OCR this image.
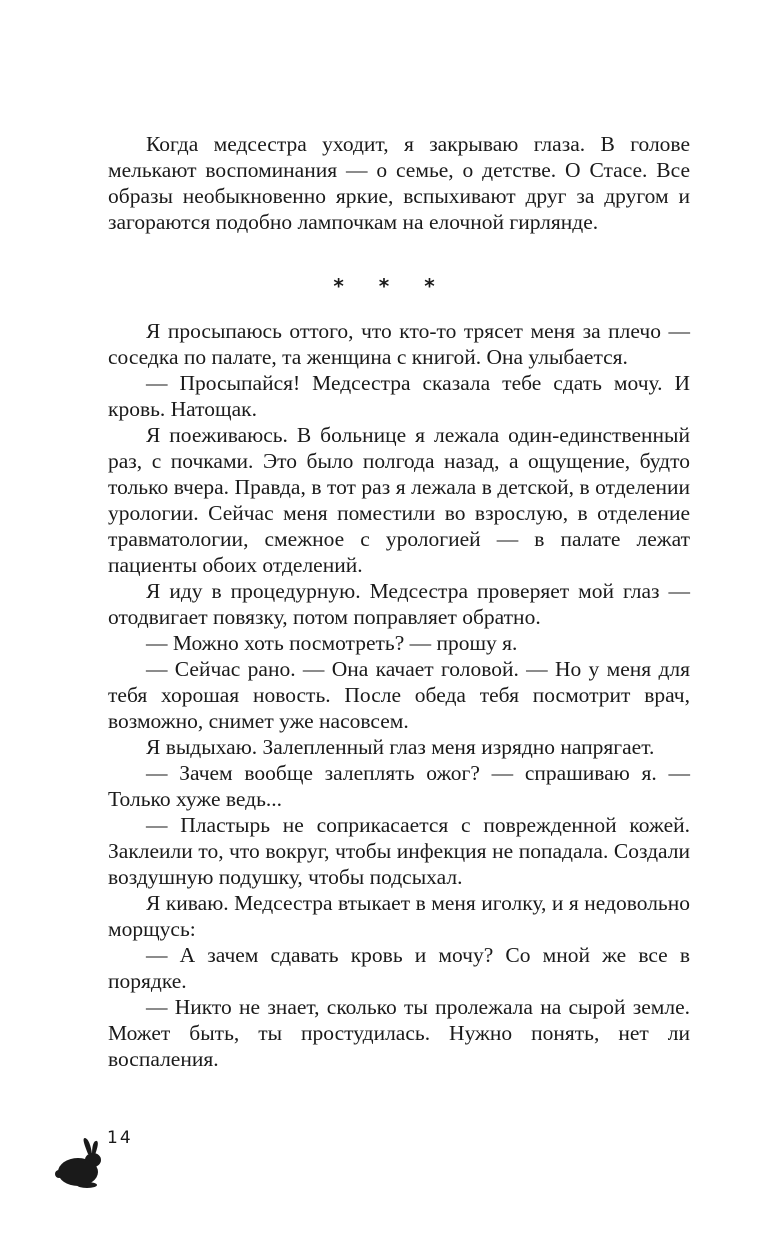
Когда медсестра уходит, я закрываю глаза. В голове мелькают воспоминания — о семье, о детстве. О Стасе. Все образы необыкновенно яркие, вспыхивают друг за другом и загораются подобно лампочкам на елочной гирлянде.

* * *

Я просыпаюсь оттого, что кто-то трясет меня за плечо — соседка по палате, та женщина с книгой. Она улыбается.

— Просыпайся! Медсестра сказала тебе сдать мочу. И кровь. Натощак.

Я поеживаюсь. В больнице я лежала один-единственный раз, с почками. Это было полгода назад, а ощущение, будто только вчера. Правда, в тот раз я лежала в детской, в отделении урологии. Сейчас меня поместили во взрослую, в отделение травматологии, смежное с урологией — в палате лежат пациенты обоих отделений.

Я иду в процедурную. Медсестра проверяет мой глаз — отодвигает повязку, потом поправляет обратно.

— Можно хоть посмотреть? — прошу я.

— Сейчас рано. — Она качает головой. — Но у меня для тебя хорошая новость. После обеда тебя посмотрит врач, возможно, снимет уже насовсем.

Я выдыхаю. Залепленный глаз меня изрядно напрягает.

— Зачем вообще залеплять ожог? — спрашиваю я. — Только хуже ведь...

— Пластырь не соприкасается с поврежденной кожей. Заклеили то, что вокруг, чтобы инфекция не попадала. Создали воздушную подушку, чтобы подсыхал.

Я киваю. Медсестра втыкает в меня иголку, и я недовольно морщусь:

— А зачем сдавать кровь и мочу? Со мной же все в порядке.

— Никто не знает, сколько ты пролежала на сырой земле. Может быть, ты простудилась. Нужно понять, нет ли воспаления.

14
